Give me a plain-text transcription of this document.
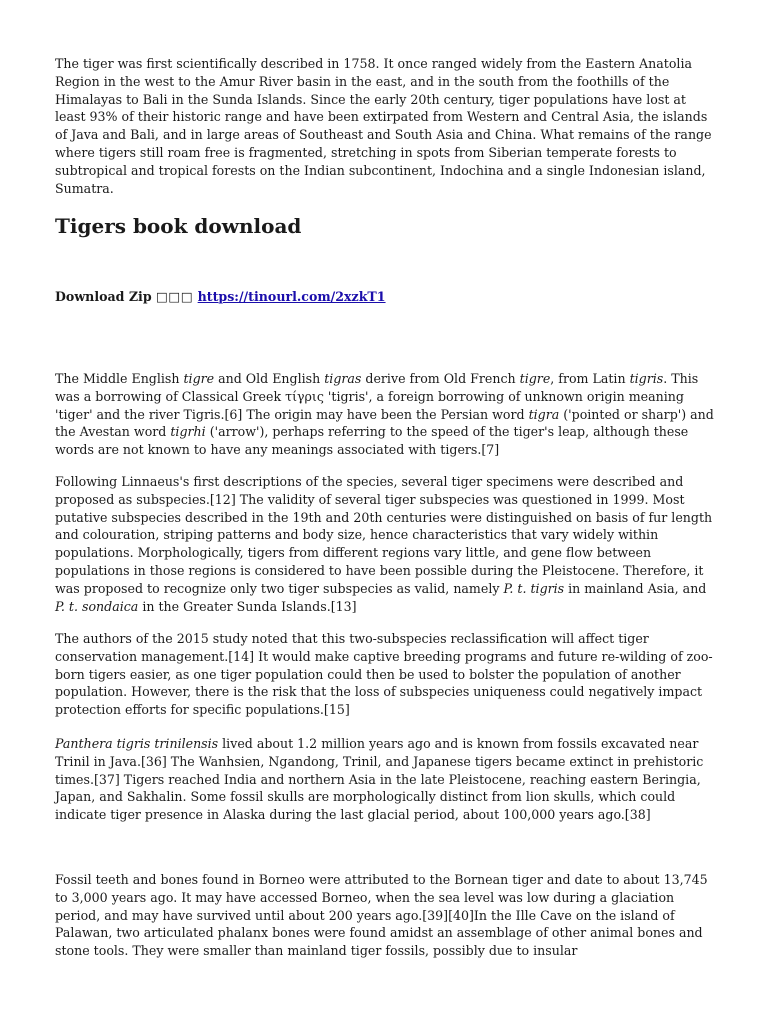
The tiger was first scientifically described in 1758. It once ranged widely from the Eastern Anatolia Region in the west to the Amur River basin in the east, and in the south from the foothills of the Himalayas to Bali in the Sunda Islands. Since the early 20th century, tiger populations have lost at least 93% of their historic range and have been extirpated from Western and Central Asia, the islands of Java and Bali, and in large areas of Southeast and South Asia and China. What remains of the range where tigers still roam free is fragmented, stretching in spots from Siberian temperate forests to subtropical and tropical forests on the Indian subcontinent, Indochina and a single Indonesian island, Sumatra.

Tigers book download

Download Zip □□□ https://tinourl.com/2xzkT1

The Middle English tigre and Old English tigras derive from Old French tigre, from Latin tigris. This was a borrowing of Classical Greek τίγρις 'tigris', a foreign borrowing of unknown origin meaning 'tiger' and the river Tigris.[6] The origin may have been the Persian word tigra ('pointed or sharp') and the Avestan word tigrhi ('arrow'), perhaps referring to the speed of the tiger's leap, although these words are not known to have any meanings associated with tigers.[7]

Following Linnaeus's first descriptions of the species, several tiger specimens were described and proposed as subspecies.[12] The validity of several tiger subspecies was questioned in 1999. Most putative subspecies described in the 19th and 20th centuries were distinguished on basis of fur length and colouration, striping patterns and body size, hence characteristics that vary widely within populations. Morphologically, tigers from different regions vary little, and gene flow between populations in those regions is considered to have been possible during the Pleistocene. Therefore, it was proposed to recognize only two tiger subspecies as valid, namely P. t. tigris in mainland Asia, and P. t. sondaica in the Greater Sunda Islands.[13]

The authors of the 2015 study noted that this two-subspecies reclassification will affect tiger conservation management.[14] It would make captive breeding programs and future re-wilding of zoo-born tigers easier, as one tiger population could then be used to bolster the population of another population. However, there is the risk that the loss of subspecies uniqueness could negatively impact protection efforts for specific populations.[15]

Panthera tigris trinilensis lived about 1.2 million years ago and is known from fossils excavated near Trinil in Java.[36] The Wanhsien, Ngandong, Trinil, and Japanese tigers became extinct in prehistoric times.[37] Tigers reached India and northern Asia in the late Pleistocene, reaching eastern Beringia, Japan, and Sakhalin. Some fossil skulls are morphologically distinct from lion skulls, which could indicate tiger presence in Alaska during the last glacial period, about 100,000 years ago.[38]

Fossil teeth and bones found in Borneo were attributed to the Bornean tiger and date to about 13,745 to 3,000 years ago. It may have accessed Borneo, when the sea level was low during a glaciation period, and may have survived until about 200 years ago.[39][40]In the Ille Cave on the island of Palawan, two articulated phalanx bones were found amidst an assemblage of other animal bones and stone tools. They were smaller than mainland tiger fossils, possibly due to insular
